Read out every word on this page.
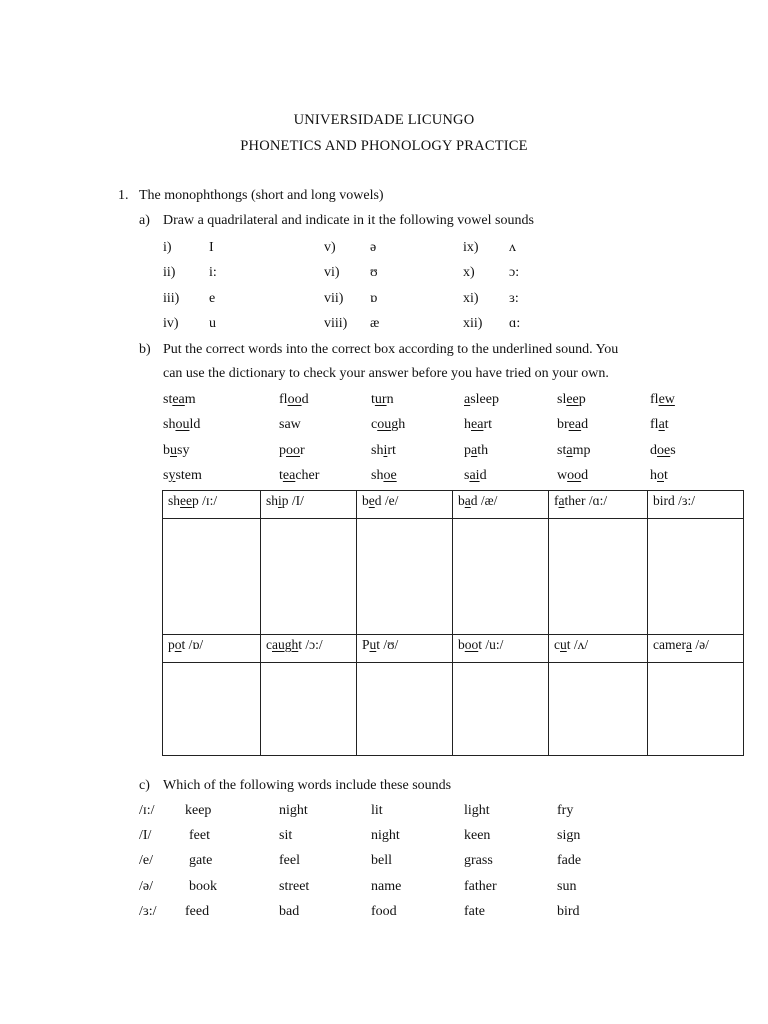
UNIVERSIDADE LICUNGO
PHONETICS AND PHONOLOGY PRACTICE
1. The monophthongs (short and long vowels)
a) Draw a quadrilateral and indicate in it the following vowel sounds
i)	I	v) ə	ix) ʌ
ii) i:	vi) ʊ	x) ɔ:
iii) e	vii) ɒ	xi) ɜ:
iv) u	viii) æ	xii) ɑ:
b) Put the correct words into the correct box according to the underlined sound. You
can use the dictionary to check your answer before you have tried on your own.
steam	flood	turn	asleep	sleep	flew
should	saw	cough	heart	bread	flat
busy	poor	shirt	path	stamp	does
system	teacher	shoe	said	wood	hot
sheep /ɪ:/	ship /I/	bed /e/	bad /æ/	father /ɑ:/	bird /ɜ:/

pot /ɒ/	caught /ɔ:/	Put /ʊ/	boot /u:/	cut /ʌ/	camera /ə/

c) Which of the following words include these sounds
/ɪ:/ keep	night	lit	light	fry
/I/	feet	sit	night	keen	sign
/e/	gate	feel	bell	grass	fade
/ə/	book	street	name	father	sun
/ɜ:/ feed	bad	food	fate	bird
